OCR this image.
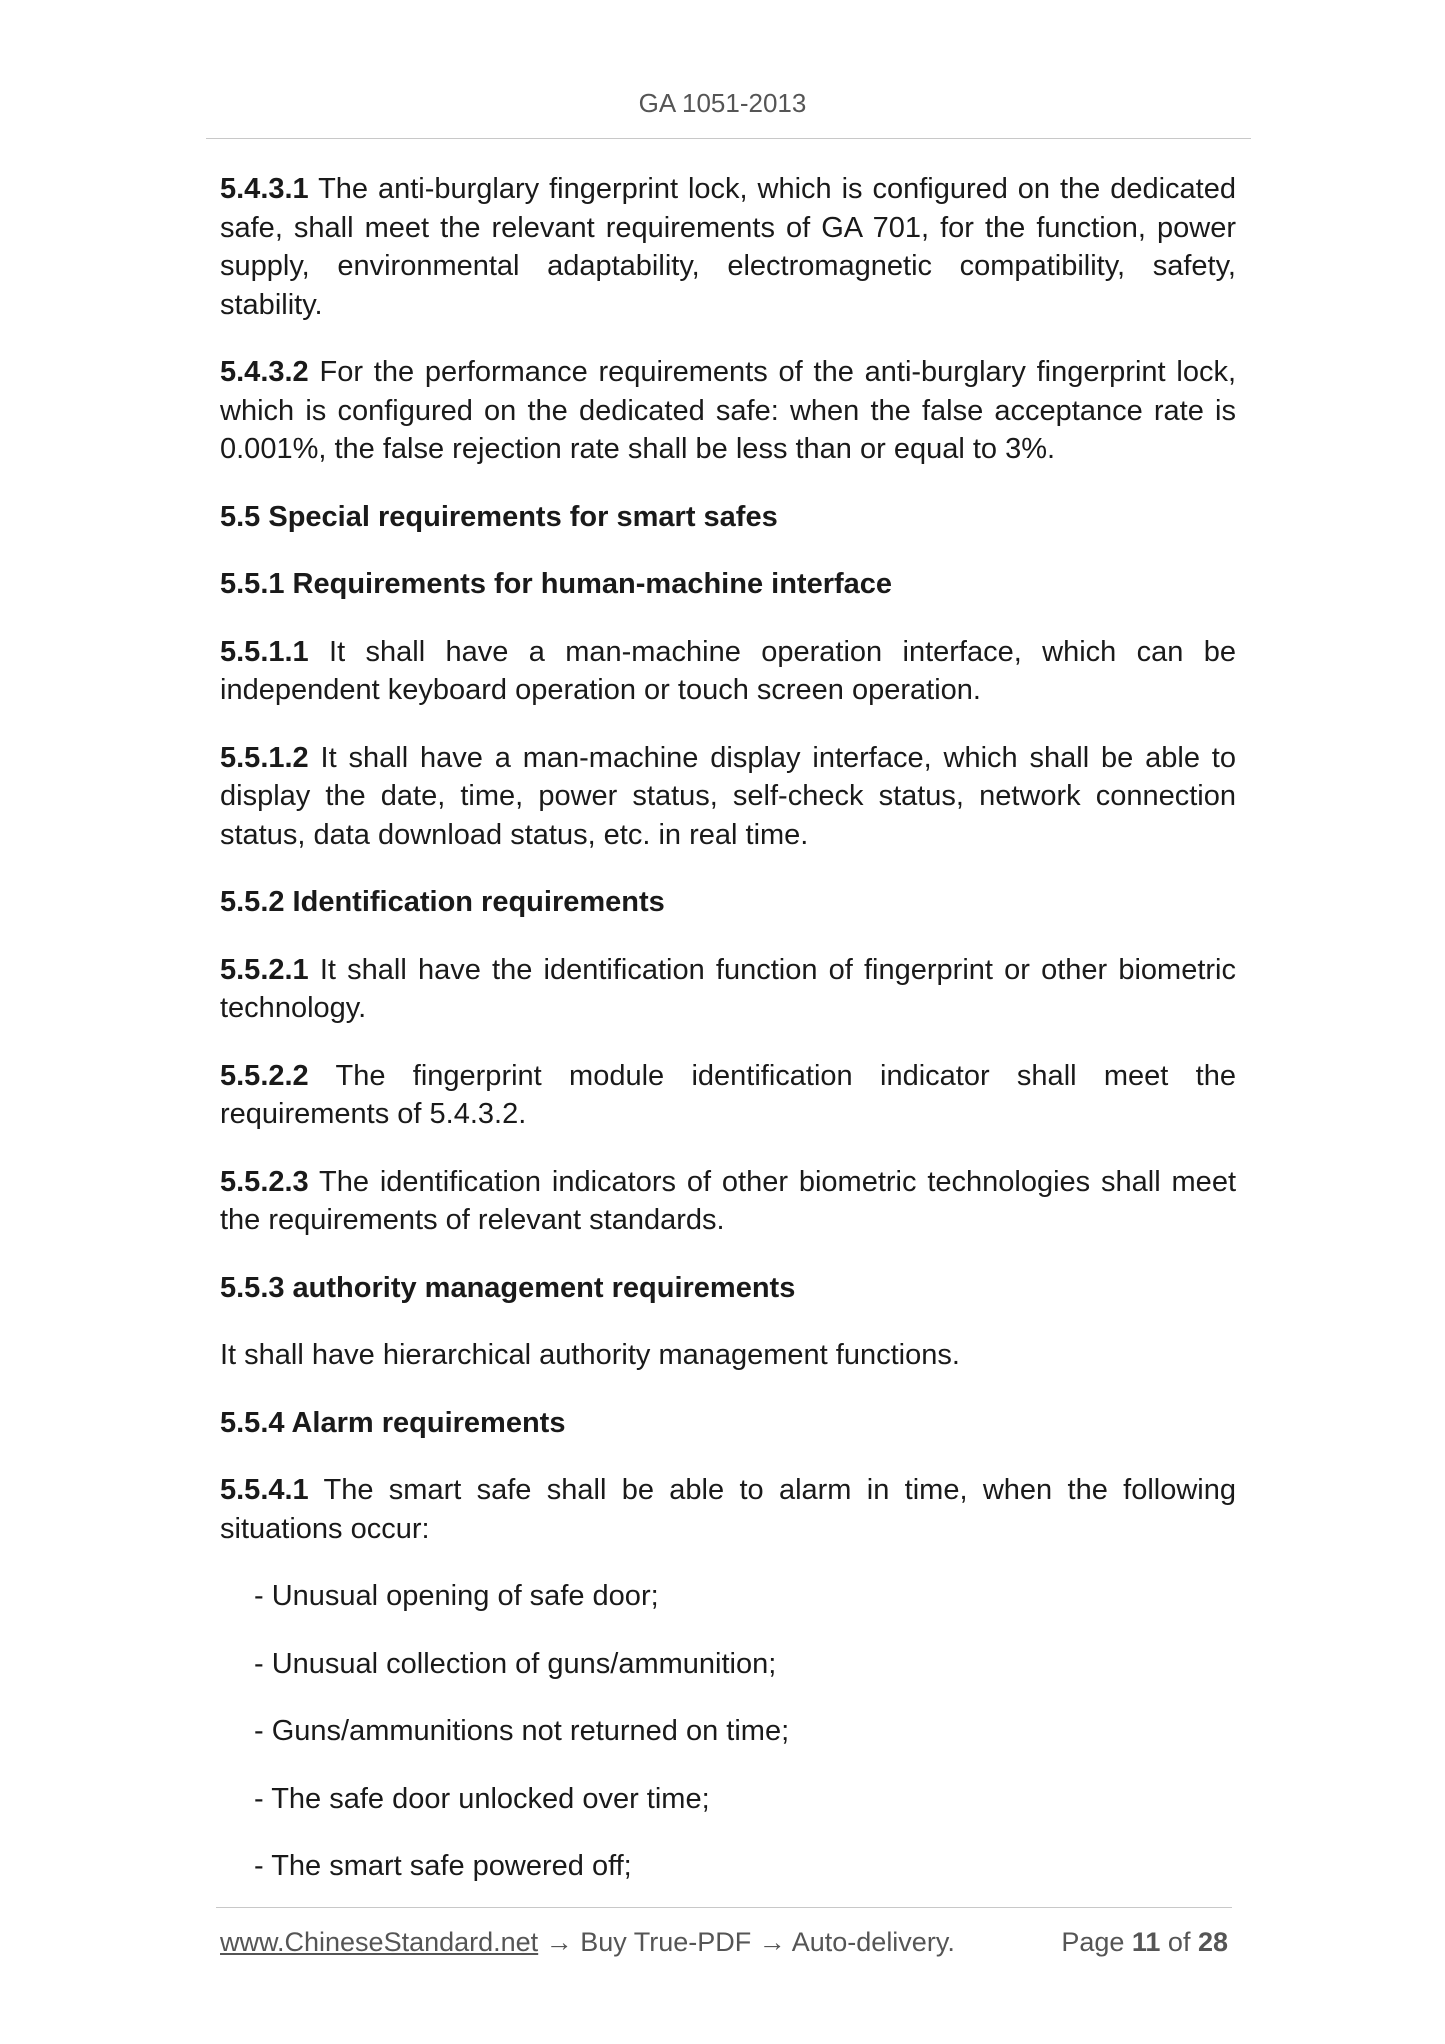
GA 1051-2013
5.4.3.1 The anti-burglary fingerprint lock, which is configured on the dedicated safe, shall meet the relevant requirements of GA 701, for the function, power supply, environmental adaptability, electromagnetic compatibility, safety, stability.
5.4.3.2 For the performance requirements of the anti-burglary fingerprint lock, which is configured on the dedicated safe: when the false acceptance rate is 0.001%, the false rejection rate shall be less than or equal to 3%.
5.5 Special requirements for smart safes
5.5.1 Requirements for human-machine interface
5.5.1.1 It shall have a man-machine operation interface, which can be independent keyboard operation or touch screen operation.
5.5.1.2 It shall have a man-machine display interface, which shall be able to display the date, time, power status, self-check status, network connection status, data download status, etc. in real time.
5.5.2 Identification requirements
5.5.2.1 It shall have the identification function of fingerprint or other biometric technology.
5.5.2.2 The fingerprint module identification indicator shall meet the requirements of 5.4.3.2.
5.5.2.3 The identification indicators of other biometric technologies shall meet the requirements of relevant standards.
5.5.3 authority management requirements
It shall have hierarchical authority management functions.
5.5.4 Alarm requirements
5.5.4.1 The smart safe shall be able to alarm in time, when the following situations occur:
- Unusual opening of safe door;
- Unusual collection of guns/ammunition;
- Guns/ammunitions not returned on time;
- The safe door unlocked over time;
- The smart safe powered off;
www.ChineseStandard.net → Buy True-PDF → Auto-delivery.	Page 11 of 28
